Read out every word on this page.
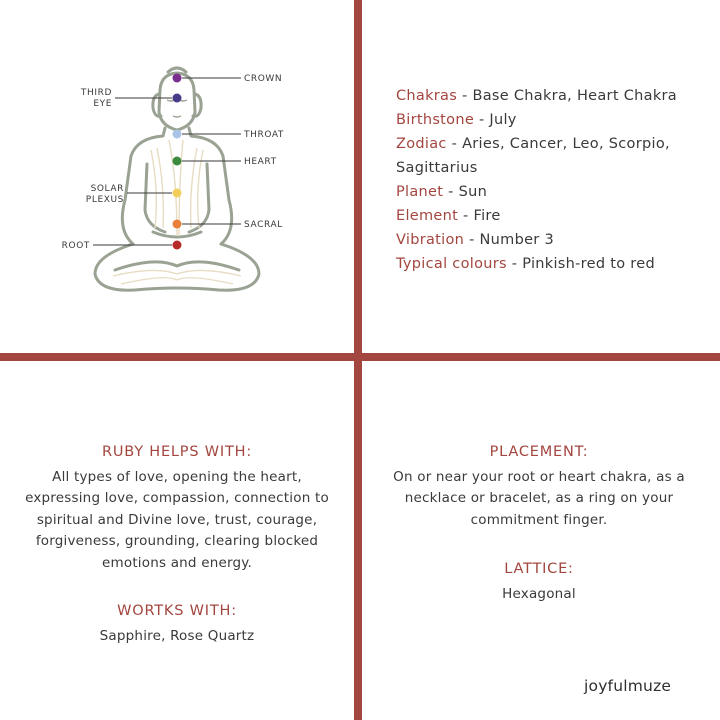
CROWN
THIRD
EYE
THROAT
HEART
SOLAR
PLEXUS
SACRAL
ROOT

Chakras - Base Chakra, Heart Chakra

Birthstone - July

Zodiac - Aries, Cancer, Leo, Scorpio, Sagittarius

Planet - Sun

Element - Fire

Vibration - Number 3

Typical colours - Pinkish-red to red

RUBY HELPS WITH:

All types of love, opening the heart, expressing love, compassion, connection to spiritual and Divine love, trust, courage, forgiveness, grounding, clearing blocked emotions and energy.

WORTKS WITH:

Sapphire, Rose Quartz

PLACEMENT:

On or near your root or heart chakra, as a necklace or bracelet, as a ring on your commitment finger.

LATTICE:

Hexagonal

joyfulmuze
